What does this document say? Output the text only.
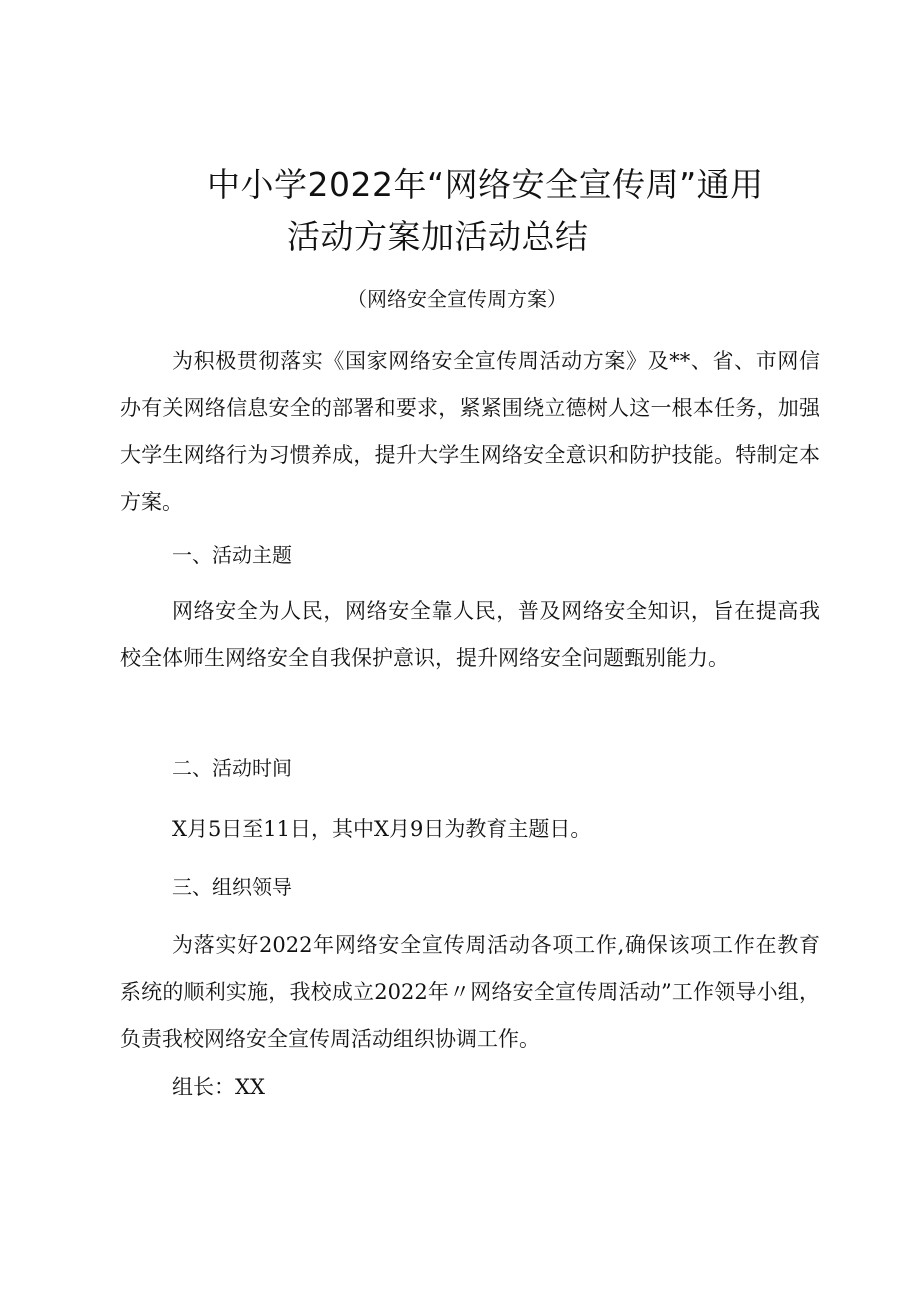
中小学2022年“网络安全宣传周”通用
活动方案加活动总结
（网络安全宣传周方案）
为积极贯彻落实《国家网络安全宣传周活动方案》及**、省、市网信办有关网络信息安全的部署和要求，紧紧围绕立德树人这一根本任务，加强大学生网络行为习惯养成，提升大学生网络安全意识和防护技能。特制定本方案。
一、活动主题
网络安全为人民，网络安全靠人民，普及网络安全知识，旨在提高我校全体师生网络安全自我保护意识，提升网络安全问题甄别能力。
二、活动时间
X月5日至11日，其中X月9日为教育主题日。
三、组织领导
为落实好2022年网络安全宣传周活动各项工作,确保该项工作在教育系统的顺利实施，我校成立2022年〃网络安全宣传周活动”工作领导小组，负责我校网络安全宣传周活动组织协调工作。
组长：XX
